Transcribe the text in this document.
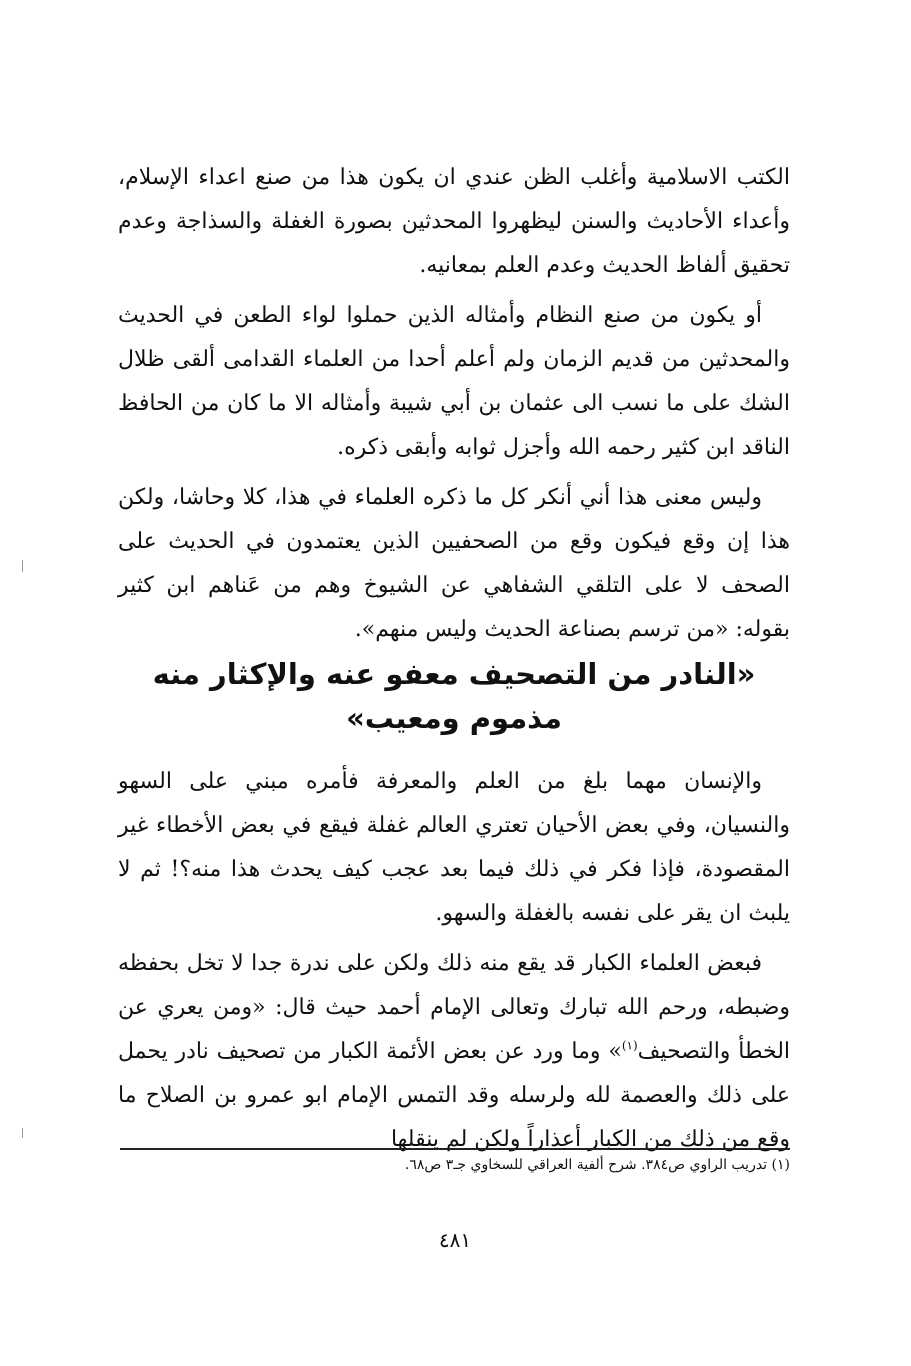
الكتب الاسلامية وأغلب الظن عندي ان يكون هذا من صنع اعداء الإسلام، وأعداء الأحاديث والسنن ليظهروا المحدثين بصورة الغفلة والسذاجة وعدم تحقيق ألفاظ الحديث وعدم العلم بمعانيه.

أو يكون من صنع النظام وأمثاله الذين حملوا لواء الطعن في الحديث والمحدثين من قديم الزمان ولم أعلم أحدا من العلماء القدامى ألقى ظلال الشك على ما نسب الى عثمان بن أبي شيبة وأمثاله الا ما كان من الحافظ الناقد ابن كثير رحمه الله وأجزل ثوابه وأبقى ذكره.

وليس معنى هذا أني أنكر كل ما ذكره العلماء في هذا، كلا وحاشا، ولكن هذا إن وقع فيكون وقع من الصحفيين الذين يعتمدون في الحديث على الصحف لا على التلقي الشفاهي عن الشيوخ وهم من عَناهم ابن كثير بقوله: «من ترسم بصناعة الحديث وليس منهم».

«النادر من التصحيف معفو عنه والإكثار منه مذموم ومعيب»

والإنسان مهما بلغ من العلم والمعرفة فأمره مبني على السهو والنسيان، وفي بعض الأحيان تعتري العالم غفلة فيقع في بعض الأخطاء غير المقصودة، فإذا فكر في ذلك فيما بعد عجب كيف يحدث هذا منه؟! ثم لا يلبث ان يقر على نفسه بالغفلة والسهو.

فبعض العلماء الكبار قد يقع منه ذلك ولكن على ندرة جدا لا تخل بحفظه وضبطه، ورحم الله تبارك وتعالى الإمام أحمد حيث قال: «ومن يعري عن الخطأ والتصحيف$^{(١)}$» وما ورد عن بعض الأئمة الكبار من تصحيف نادر يحمل على ذلك والعصمة لله ولرسله وقد التمس الإمام ابو عمرو بن الصلاح ما وقع من ذلك من الكبار أعذاراً ولكن لم ينقلها

(١) تدريب الراوي ص٣٨٤. شرح ألفية العراقي للسخاوي جـ٣ ص٦٨.

٤٨١
